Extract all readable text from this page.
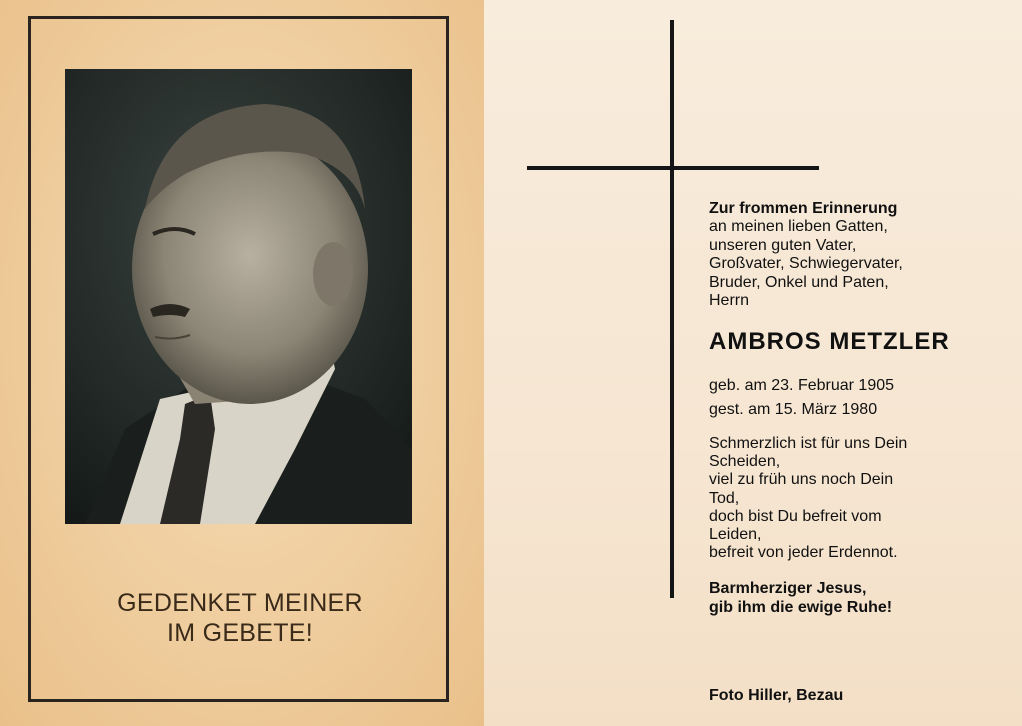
GEDENKET MEINER
IM GEBETE!
Zur frommen Erinnerung
an meinen lieben Gatten,
unseren guten Vater,
Großvater, Schwiegervater,
Bruder, Onkel und Paten,
Herrn
AMBROS METZLER
geb. am 23. Februar 1905
gest. am 15. März 1980
Schmerzlich ist für uns Dein
Scheiden,
viel zu früh uns noch Dein
Tod,
doch bist Du befreit vom
Leiden,
befreit von jeder Erdennot.
Barmherziger Jesus,
gib ihm die ewige Ruhe!
Foto Hiller, Bezau
